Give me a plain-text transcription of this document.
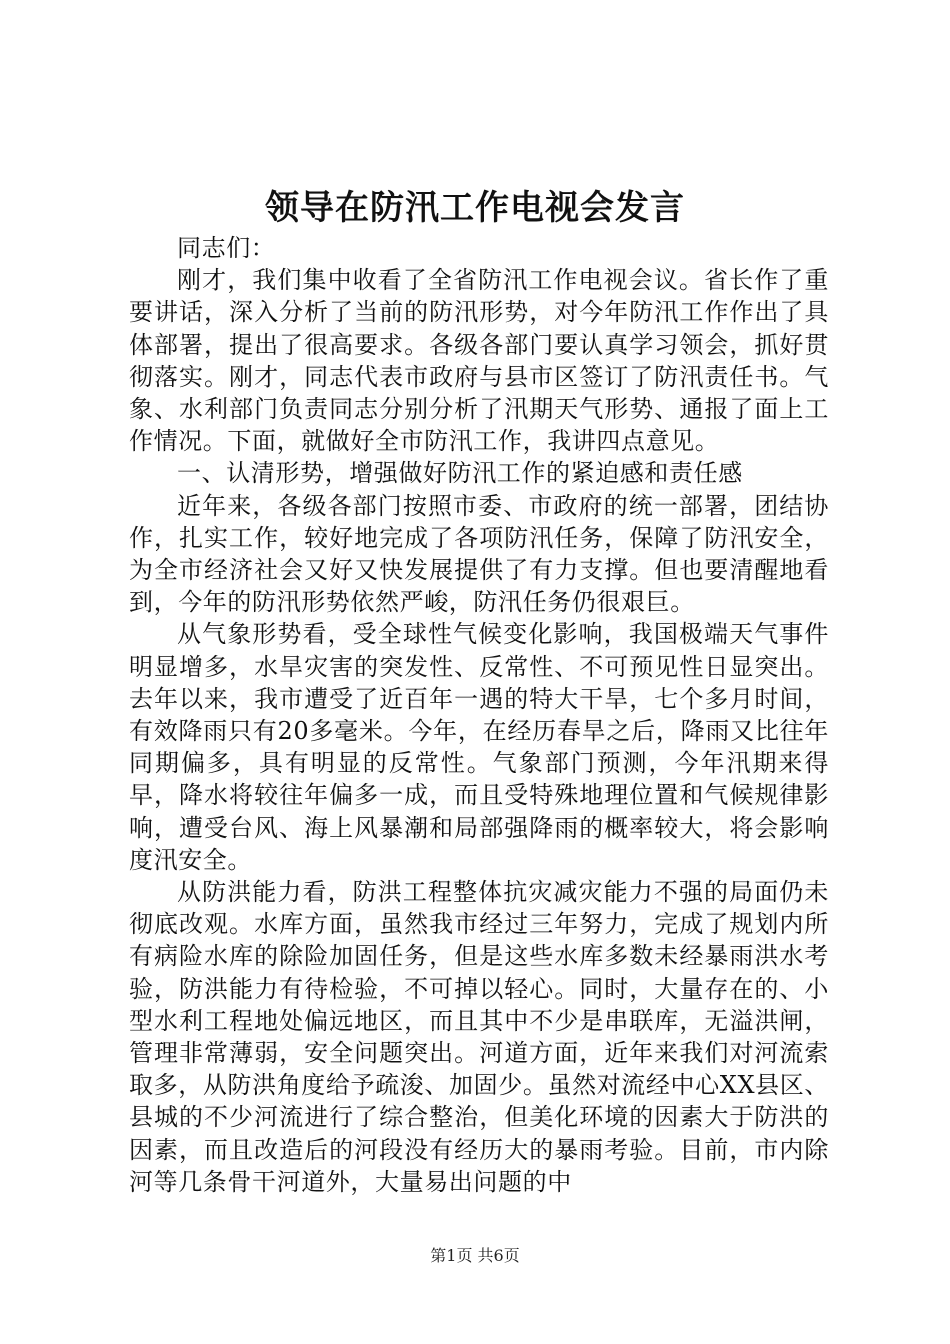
领导在防汛工作电视会发言

同志们：

刚才，我们集中收看了全省防汛工作电视会议。省长作了重要讲话，深入分析了当前的防汛形势，对今年防汛工作作出了具体部署，提出了很高要求。各级各部门要认真学习领会，抓好贯彻落实。刚才，同志代表市政府与县市区签订了防汛责任书。气象、水利部门负责同志分别分析了汛期天气形势、通报了面上工作情况。下面，就做好全市防汛工作，我讲四点意见。

一、认清形势，增强做好防汛工作的紧迫感和责任感

近年来，各级各部门按照市委、市政府的统一部署，团结协作，扎实工作，较好地完成了各项防汛任务，保障了防汛安全，为全市经济社会又好又快发展提供了有力支撑。但也要清醒地看到，今年的防汛形势依然严峻，防汛任务仍很艰巨。

从气象形势看，受全球性气候变化影响，我国极端天气事件明显增多，水旱灾害的突发性、反常性、不可预见性日显突出。去年以来，我市遭受了近百年一遇的特大干旱，七个多月时间，有效降雨只有20多毫米。今年，在经历春旱之后，降雨又比往年同期偏多，具有明显的反常性。气象部门预测，今年汛期来得早，降水将较往年偏多一成，而且受特殊地理位置和气候规律影响，遭受台风、海上风暴潮和局部强降雨的概率较大，将会影响度汛安全。

从防洪能力看，防洪工程整体抗灾减灾能力不强的局面仍未彻底改观。水库方面，虽然我市经过三年努力，完成了规划内所有病险水库的除险加固任务，但是这些水库多数未经暴雨洪水考验，防洪能力有待检验，不可掉以轻心。同时，大量存在的、小型水利工程地处偏远地区，而且其中不少是串联库，无溢洪闸，管理非常薄弱，安全问题突出。河道方面，近年来我们对河流索取多，从防洪角度给予疏浚、加固少。虽然对流经中心XX县区、县城的不少河流进行了综合整治，但美化环境的因素大于防洪的因素，而且改造后的河段没有经历大的暴雨考验。目前，市内除河等几条骨干河道外，大量易出问题的中

第1页 共6页
